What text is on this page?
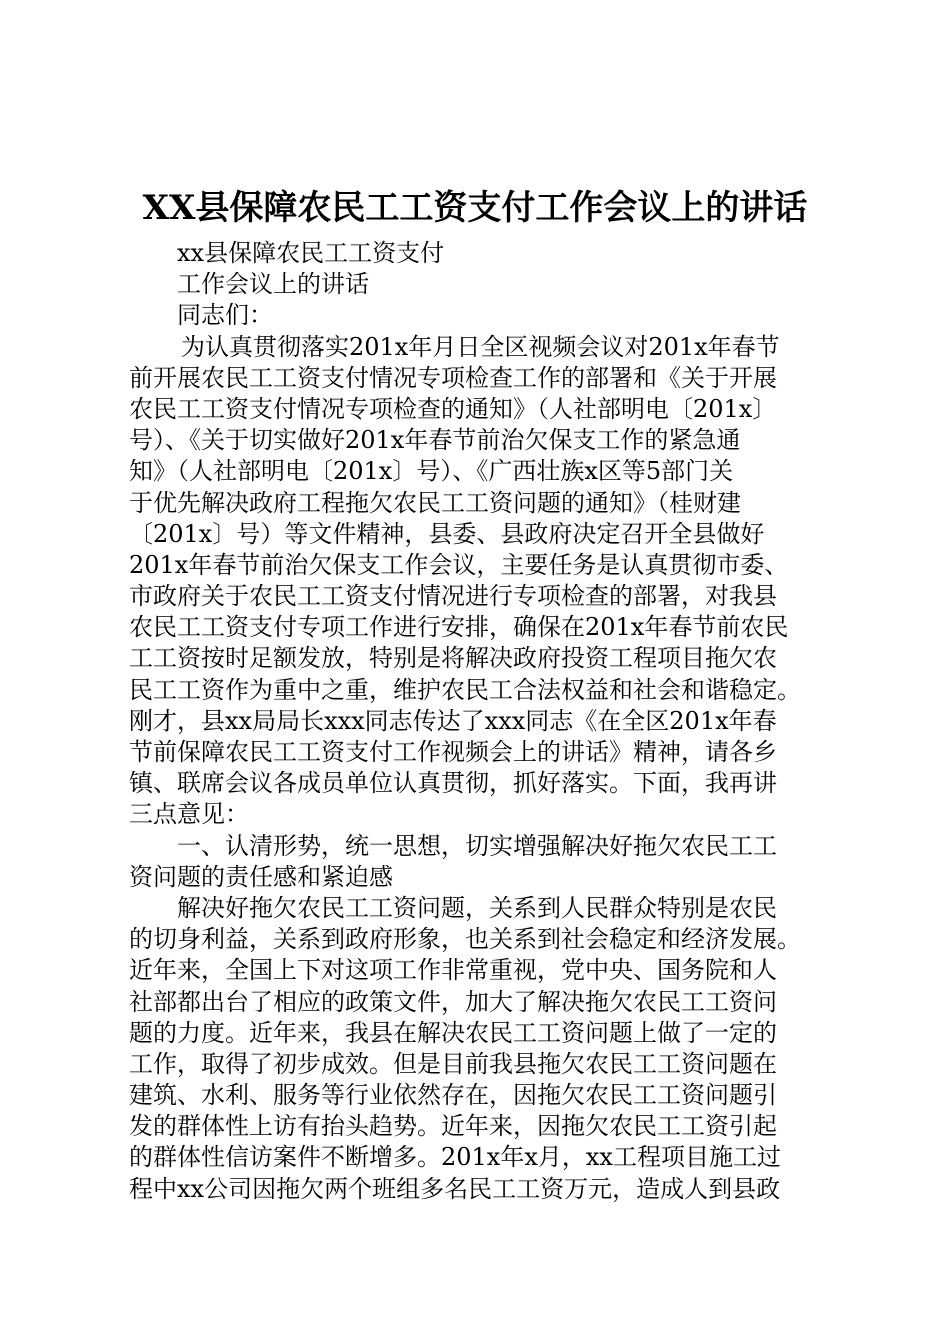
XX县保障农民工工资支付工作会议上的讲话
xx县保障农民工工资支付
工作会议上的讲话
同志们：
为认真贯彻落实201x年月日全区视频会议对201x年春节
前开展农民工工资支付情况专项检查工作的部署和《关于开展
农民工工资支付情况专项检查的通知》（人社部明电〔201x〕
号）、《关于切实做好201x年春节前治欠保支工作的紧急通
知》（人社部明电〔201x〕号）、《广西壮族x区等5部门关
于优先解决政府工程拖欠农民工工资问题的通知》（桂财建
〔201x〕号）等文件精神，县委、县政府决定召开全县做好
201x年春节前治欠保支工作会议，主要任务是认真贯彻市委、
市政府关于农民工工资支付情况进行专项检查的部署，对我县
农民工工资支付专项工作进行安排，确保在201x年春节前农民
工工资按时足额发放，特别是将解决政府投资工程项目拖欠农
民工工资作为重中之重，维护农民工合法权益和社会和谐稳定。
刚才，县xx局局长xxx同志传达了xxx同志《在全区201x年春
节前保障农民工工资支付工作视频会上的讲话》精神，请各乡
镇、联席会议各成员单位认真贯彻，抓好落实。下面，我再讲
三点意见：
一、认清形势，统一思想，切实增强解决好拖欠农民工工
资问题的责任感和紧迫感
解决好拖欠农民工工资问题，关系到人民群众特别是农民
的切身利益，关系到政府形象，也关系到社会稳定和经济发展。
近年来，全国上下对这项工作非常重视，党中央、国务院和人
社部都出台了相应的政策文件，加大了解决拖欠农民工工资问
题的力度。近年来，我县在解决农民工工资问题上做了一定的
工作，取得了初步成效。但是目前我县拖欠农民工工资问题在
建筑、水利、服务等行业依然存在，因拖欠农民工工资问题引
发的群体性上访有抬头趋势。近年来，因拖欠农民工工资引起
的群体性信访案件不断增多。201x年x月，xx工程项目施工过
程中xx公司因拖欠两个班组多名民工工资万元，造成人到县政
